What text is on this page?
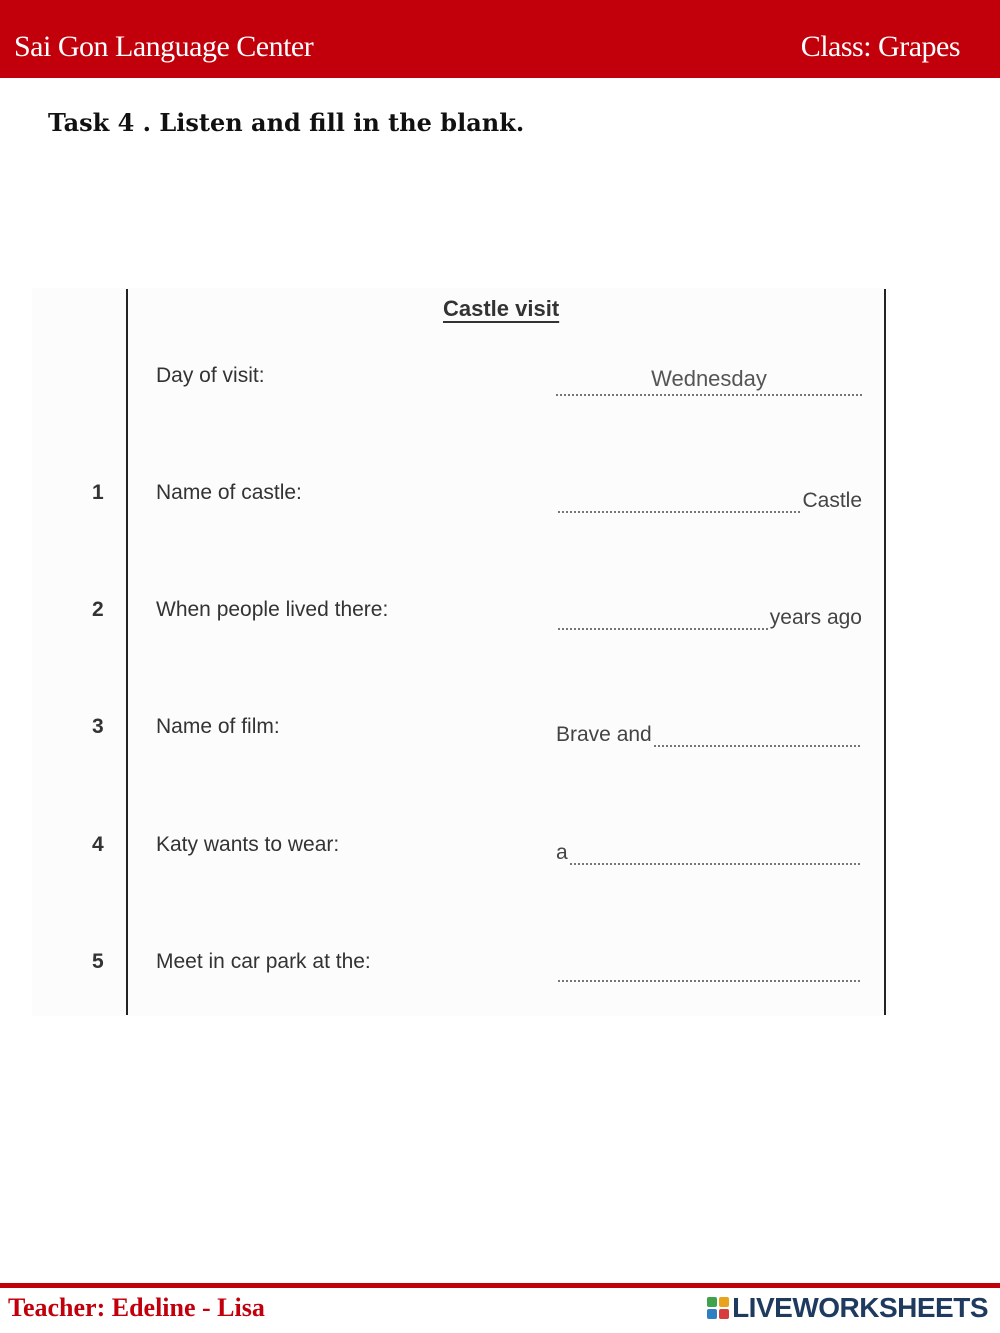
Sai Gon Language Center	Class: Grapes
Task 4 . Listen and fill in the blank.
Castle visit
Day of visit:	Wednesday
1 Name of castle:	Castle
2 When people lived there:	years ago
3 Name of film:	Brave and
4 Katy wants to wear:	a
5 Meet in car park at the:
Teacher: Edeline - Lisa	LIVEWORKSHEETS
